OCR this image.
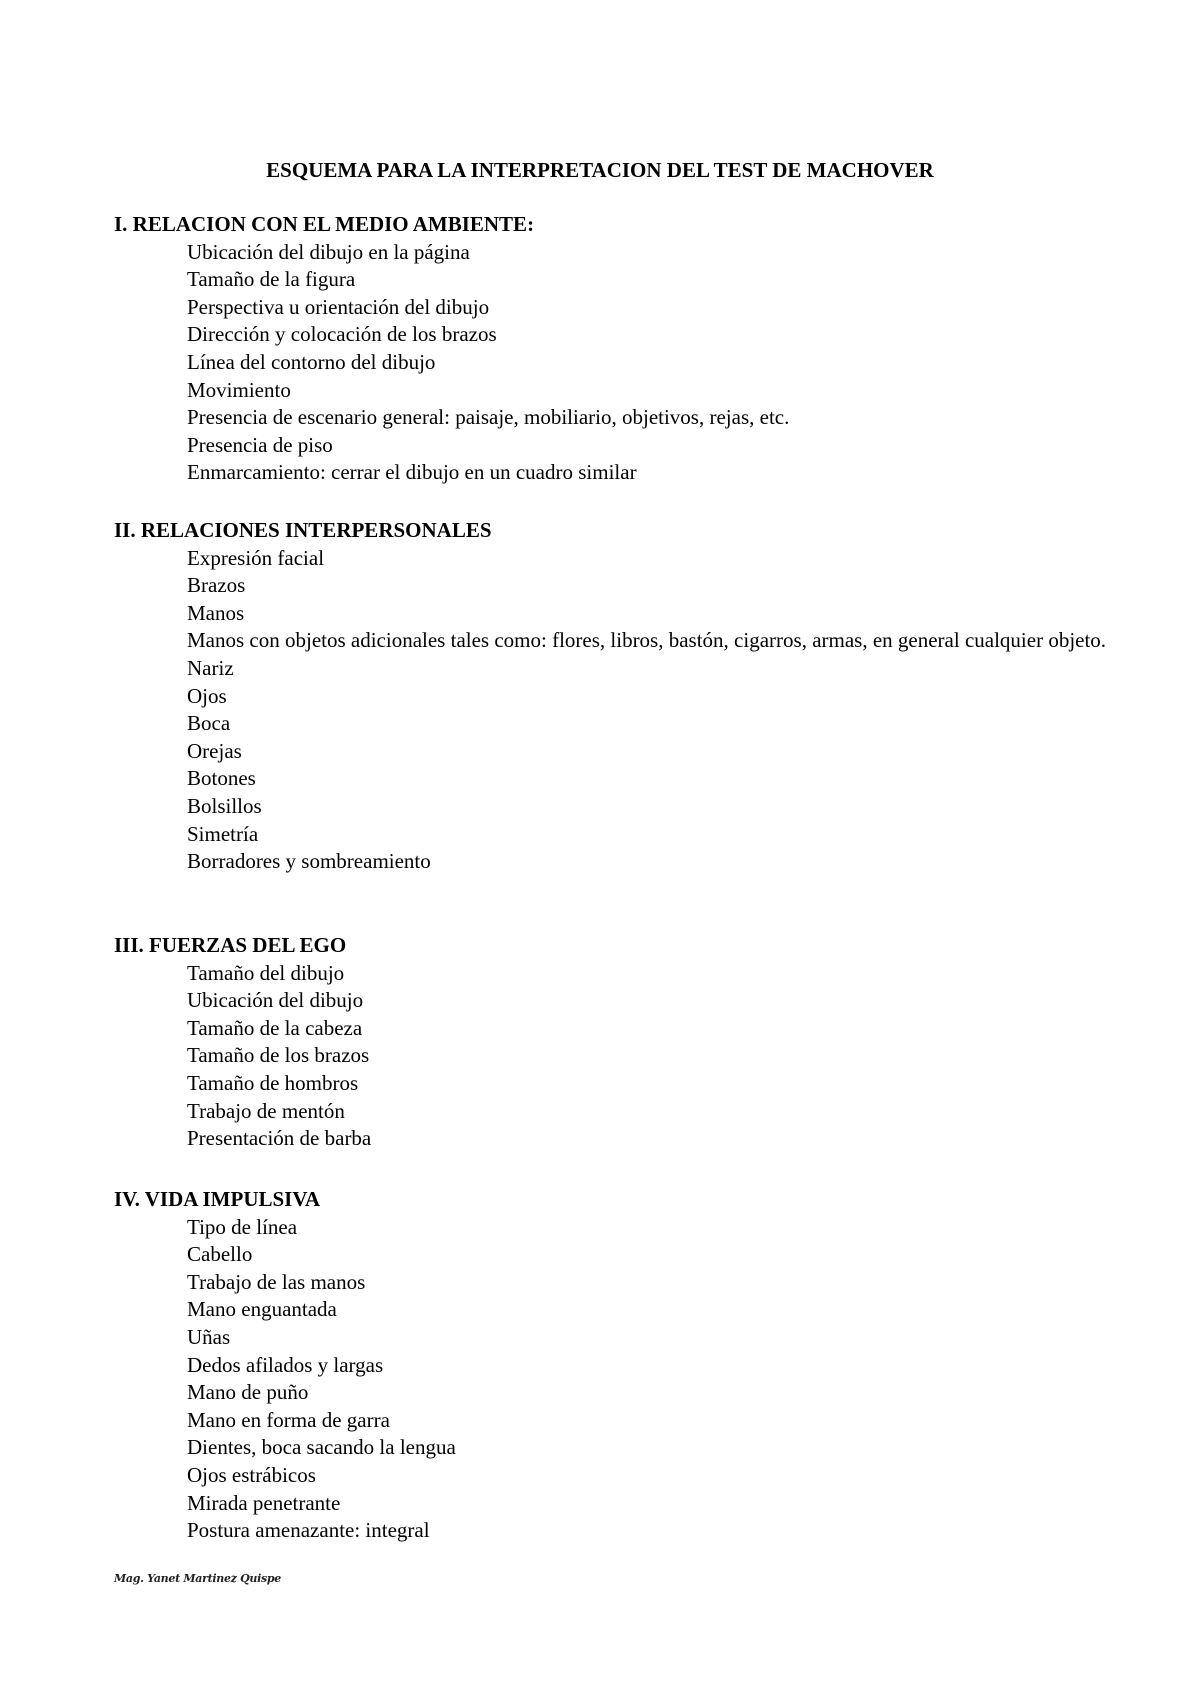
ESQUEMA PARA LA INTERPRETACION DEL TEST DE MACHOVER
I. RELACION CON EL MEDIO AMBIENTE:
Ubicación del dibujo en la página
Tamaño de la figura
Perspectiva u orientación del dibujo
Dirección y colocación de los brazos
Línea del contorno del dibujo
Movimiento
Presencia de escenario general: paisaje, mobiliario, objetivos, rejas, etc.
Presencia de piso
Enmarcamiento: cerrar el dibujo en un cuadro similar
II. RELACIONES INTERPERSONALES
Expresión facial
Brazos
Manos
Manos con objetos adicionales tales como: flores, libros, bastón, cigarros, armas, en general cualquier objeto.
Nariz
Ojos
Boca
Orejas
Botones
Bolsillos
Simetría
Borradores y sombreamiento
III. FUERZAS DEL EGO
Tamaño del dibujo
Ubicación del dibujo
Tamaño de la cabeza
Tamaño de los brazos
Tamaño de hombros
Trabajo de mentón
Presentación de barba
IV. VIDA IMPULSIVA
Tipo de línea
Cabello
Trabajo de las manos
Mano enguantada
Uñas
Dedos afilados y largas
Mano de puño
Mano en forma de garra
Dientes, boca sacando la lengua
Ojos estrábicos
Mirada penetrante
Postura amenazante: integral
Mag. Yanet Martinez Quispe
